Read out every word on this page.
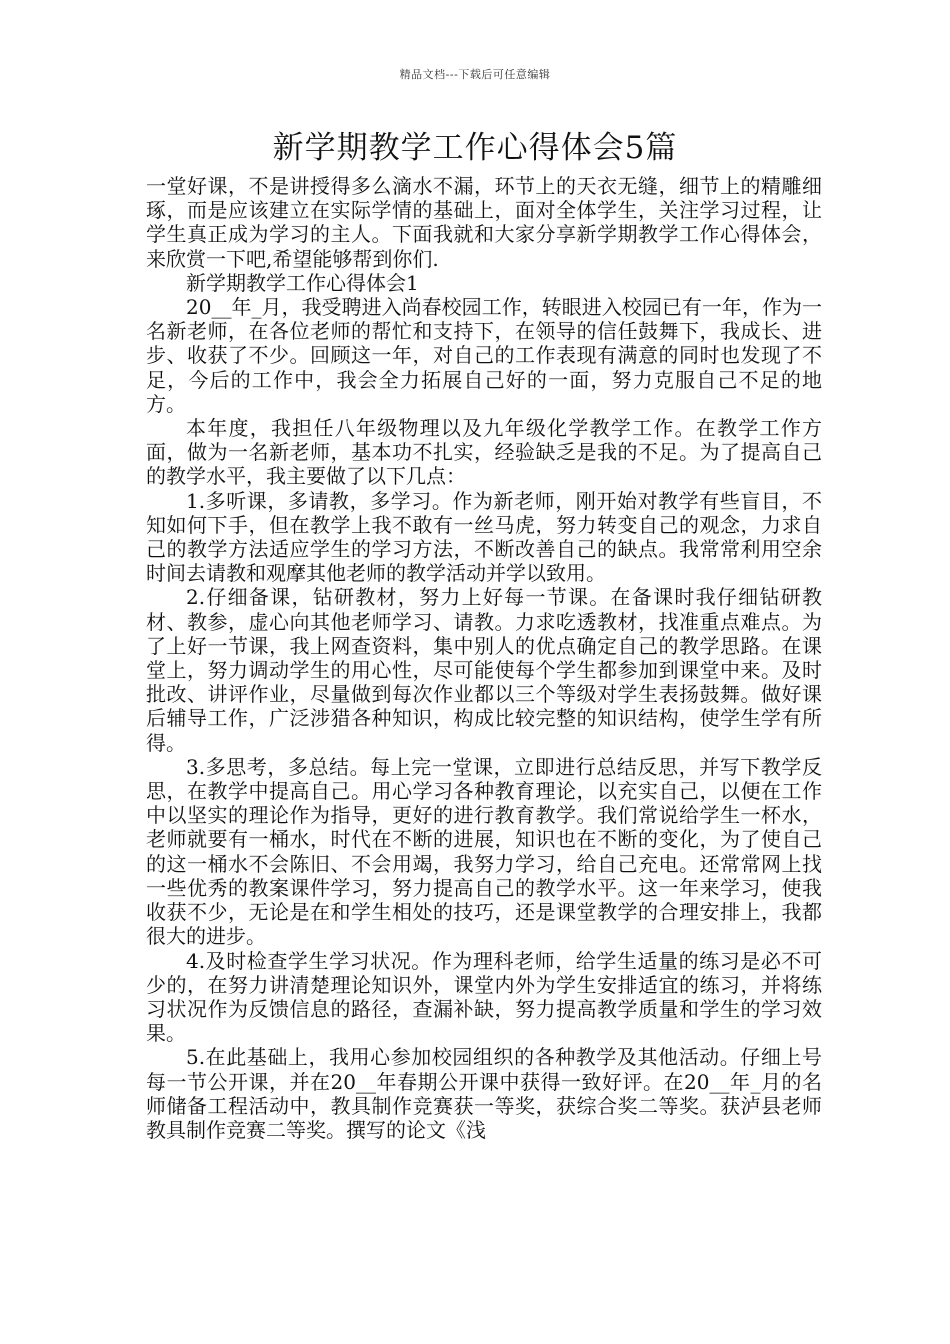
精品文档---下载后可任意编辑
新学期教学工作心得体会5篇

一堂好课，不是讲授得多么滴水不漏，环节上的天衣无缝，细节上的精雕细琢，而是应该建立在实际学情的基础上，面对全体学生，关注学习过程，让学生真正成为学习的主人。下面我就和大家分享新学期教学工作心得体会，来欣赏一下吧,希望能够帮到你们.

新学期教学工作心得体会1

20__年_月，我受聘进入尚春校园工作，转眼进入校园已有一年，作为一名新老师，在各位老师的帮忙和支持下，在领导的信任鼓舞下，我成长、进步、收获了不少。回顾这一年，对自己的工作表现有满意的同时也发现了不足，今后的工作中，我会全力拓展自己好的一面，努力克服自己不足的地方。

本年度，我担任八年级物理以及九年级化学教学工作。在教学工作方面，做为一名新老师，基本功不扎实，经验缺乏是我的不足。为了提高自己的教学水平，我主要做了以下几点：

1.多听课，多请教，多学习。作为新老师，刚开始对教学有些盲目，不知如何下手，但在教学上我不敢有一丝马虎，努力转变自己的观念，力求自己的教学方法适应学生的学习方法，不断改善自己的缺点。我常常利用空余时间去请教和观摩其他老师的教学活动并学以致用。

2.仔细备课，钻研教材，努力上好每一节课。在备课时我仔细钻研教材、教参，虚心向其他老师学习、请教。力求吃透教材，找准重点难点。为了上好一节课，我上网查资料，集中别人的优点确定自己的教学思路。在课堂上，努力调动学生的用心性，尽可能使每个学生都参加到课堂中来。及时批改、讲评作业，尽量做到每次作业都以三个等级对学生表扬鼓舞。做好课后辅导工作，广泛涉猎各种知识，构成比较完整的知识结构，使学生学有所得。

3.多思考，多总结。每上完一堂课，立即进行总结反思，并写下教学反思，在教学中提高自己。用心学习各种教育理论，以充实自己，以便在工作中以坚实的理论作为指导，更好的进行教育教学。我们常说给学生一杯水，老师就要有一桶水，时代在不断的进展，知识也在不断的变化，为了使自己的这一桶水不会陈旧、不会用竭，我努力学习，给自己充电。还常常网上找一些优秀的教案课件学习，努力提高自己的教学水平。这一年来学习，使我收获不少，无论是在和学生相处的技巧，还是课堂教学的合理安排上，我都很大的进步。

4.及时检查学生学习状况。作为理科老师，给学生适量的练习是必不可少的，在努力讲清楚理论知识外，课堂内外为学生安排适宜的练习，并将练习状况作为反馈信息的路径，查漏补缺，努力提高教学质量和学生的学习效果。

5.在此基础上，我用心参加校园组织的各种教学及其他活动。仔细上号每一节公开课，并在20__年春期公开课中获得一致好评。在20__年_月的名师储备工程活动中，教具制作竞赛获一等奖，获综合奖二等奖。获泸县老师教具制作竞赛二等奖。撰写的论文《浅
